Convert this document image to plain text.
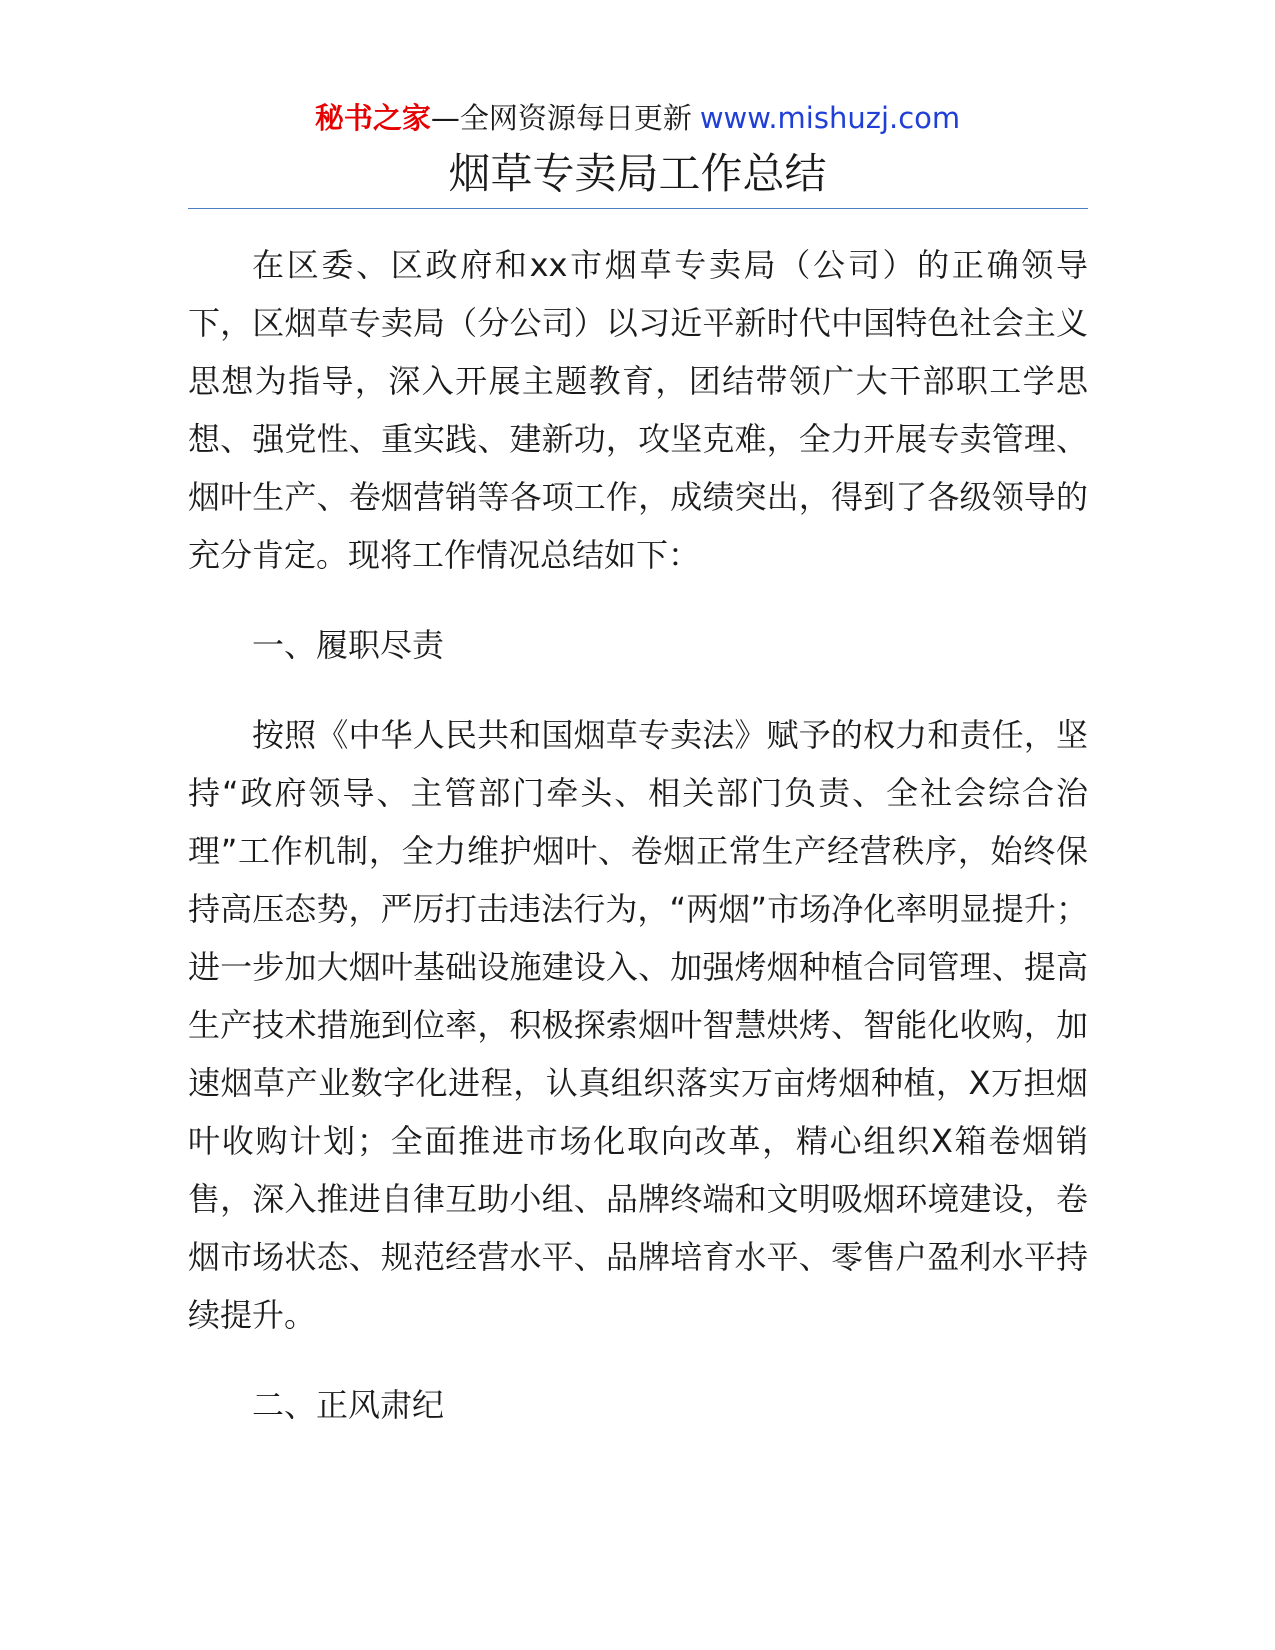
秘书之家—全网资源每日更新 www.mishuzj.com
烟草专卖局工作总结

在区委、区政府和xx市烟草专卖局（公司）的正确领导下，区烟草专卖局（分公司）以习近平新时代中国特色社会主义思想为指导，深入开展主题教育，团结带领广大干部职工学思想、强党性、重实践、建新功，攻坚克难，全力开展专卖管理、烟叶生产、卷烟营销等各项工作，成绩突出，得到了各级领导的充分肯定。现将工作情况总结如下：

一、履职尽责

按照《中华人民共和国烟草专卖法》赋予的权力和责任，坚持“政府领导、主管部门牵头、相关部门负责、全社会综合治理”工作机制，全力维护烟叶、卷烟正常生产经营秩序，始终保持高压态势，严厉打击违法行为，“两烟”市场净化率明显提升；进一步加大烟叶基础设施建设入、加强烤烟种植合同管理、提高生产技术措施到位率，积极探索烟叶智慧烘烤、智能化收购，加速烟草产业数字化进程，认真组织落实万亩烤烟种植，X万担烟叶收购计划；全面推进市场化取向改革，精心组织X箱卷烟销售，深入推进自律互助小组、品牌终端和文明吸烟环境建设，卷烟市场状态、规范经营水平、品牌培育水平、零售户盈利水平持续提升。

二、正风肃纪
